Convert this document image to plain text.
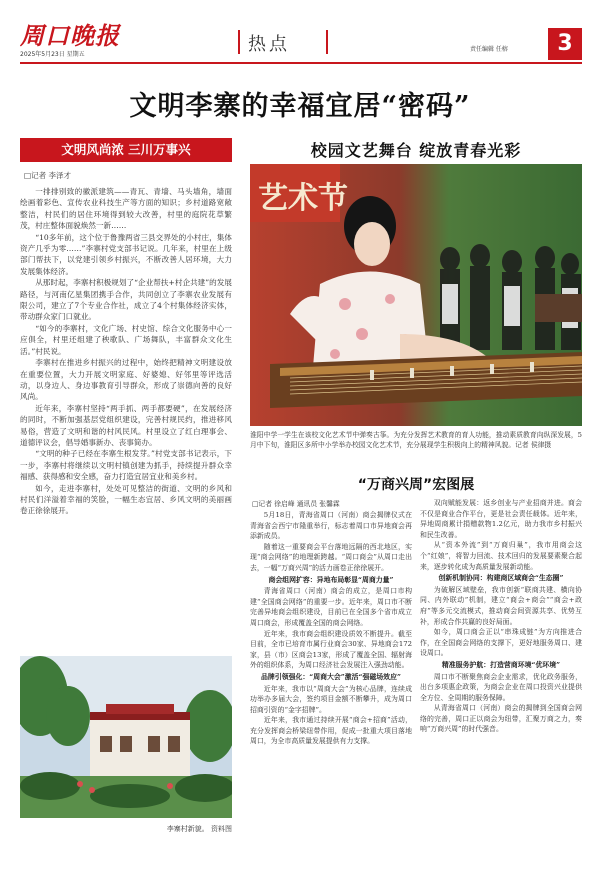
周口晚报
2025年5月23日 星期五	热点	责任编辑 任榕	3
文明李寨的幸福宜居“密码”
文明风尚浓 三川万事兴
□记者 李泽才

一排排别致的徽派建筑——青瓦、青墙、马头墙角，墙面绘画着彩色、宣传农业科技生产等方面的知识；乡村道路宽敞整洁，村民们的居住环境得到较大改善，村里的庭院花草繁茂，村庄整体面貌焕然一新……

“10多年前，这个位于鲁豫两省三县交界处的小村庄，集体资产几乎为零……”李寨村党支部书记说。几年来，村里在上级部门帮扶下，以党建引领乡村振兴，不断改善人居环境，大力发展集体经济。

从那时起，李寨村积极规划了“企业帮扶+村企共建”的发展路径，与河南亿星集团携手合作，共同创立了李寨农业发展有限公司，建立了7个专业合作社，成立了4个村集体经济实体，带动群众家门口就业。

“如今的李寨村，文化广场、村史馆、综合文化服务中心一应俱全，村里还组建了秧歌队、广场舞队，丰富群众文化生活。”村民说。

李寨村在推进乡村振兴的过程中，始终把精神文明建设放在重要位置，大力开展文明家庭、好婆媳、好邻里等评选活动，以身边人、身边事教育引导群众，形成了崇德向善的良好风尚。

近年来，李寨村坚持“两手抓、两手都要硬”，在发展经济的同时，不断加强基层党组织建设，完善村规民约，推进移风易俗，营造了文明和谐的村风民风。村里设立了红白理事会、道德评议会，倡导婚事新办、丧事简办。

“文明的种子已经在李寨生根发芽。”村党支部书记表示，下一步，李寨村将继续以文明村镇创建为抓手，持续提升群众幸福感、获得感和安全感，奋力打造宜居宜业和美乡村。

如今，走进李寨村，处处可见整洁的街道、文明的乡风和村民们洋溢着幸福的笑脸，一幅生态宜居、乡风文明的美丽画卷正徐徐展开。

李寨村新貌。 资料图
校园文艺舞台 绽放青春光彩
艺术节
淮阳中学一学生在该校文化艺术节中弹奏古筝。为充分发挥艺术教育的育人功能，推动素质教育向纵深发展，5月中下旬，淮阳区多所中小学举办校园文化艺术节，充分展现学生积极向上的精神风貌。记者 侯律摄
“万商兴周”宏图展
□记者 徐启峰 通讯员 张馨霖

5月18日，青海省周口（河南）商会揭牌仪式在青海省会西宁市隆重举行，标志着周口市异地商会再添新成员。

随着这一重要商会平台落地远隔的西北地区，实现“商会网络”的地理新跨越。“周口商会”从周口走出去，一幅“万商兴周”的活力画卷正徐徐展开。

商会组网扩容：异地布局彰显“周商力量”

青海省周口（河南）商会的成立，是周口市构建“全国商会网络”的重要一步。近年来，周口市不断完善异地商会组织建设，目前已在全国多个省市成立周口商会，形成覆盖全国的商会网络。

近年来，我市商会组织建设质效不断提升。截至目前，全市已培育市属行业商会30家、异地商会172家，县（市）区商会13家，形成了覆盖全国、辐射海外的组织体系，为周口经济社会发展注入强劲动能。

品牌引领强化：“周商大会”激活“强磁场效应”

近年来，我市以“周商大会”为核心品牌，连续成功举办多届大会，签约项目金额不断攀升，成为周口招商引资的“金字招牌”。

近年来，我市通过持续开展“商会+招商”活动，充分发挥商会桥梁纽带作用，促成一批重大项目落地周口，为全市高质量发展提供有力支撑。

双向赋能发展：返乡创业与产业招商并进。商会不仅是商业合作平台，更是社会责任载体。近年来，异地周商累计捐赠款物1.2亿元，助力我市乡村振兴和民生改善。

从“资本外流”到“万商归巢”，我市用商会这个“红娘”，将智力回流、技术回归的发展要素聚合起来，逐步转化成为高质量发展新动能。

创新机制协同：构建商区域商会“生态圈”

为破解区域壁垒，我市创新“联商共建、横向协同、内外联动”机制，建立“商会+商会”“商会+政府”等多元交流模式，推动商会间资源共享、优势互补，形成合作共赢的良好局面。

如今，周口商会正以“串珠成链”为方向推进合作，在全国商会网络的支撑下，更好地服务周口、建设周口。

精准服务护航：打造营商环境“优环境”

周口市不断聚焦商会企业需求，优化政务服务，出台多项惠企政策，为商会企业在周口投资兴业提供全方位、全周期的服务保障。

从青海省周口（河南）商会的揭牌到全国商会网络的完善，周口正以商会为纽带，汇聚万商之力，奏响“万商兴周”的时代强音。
